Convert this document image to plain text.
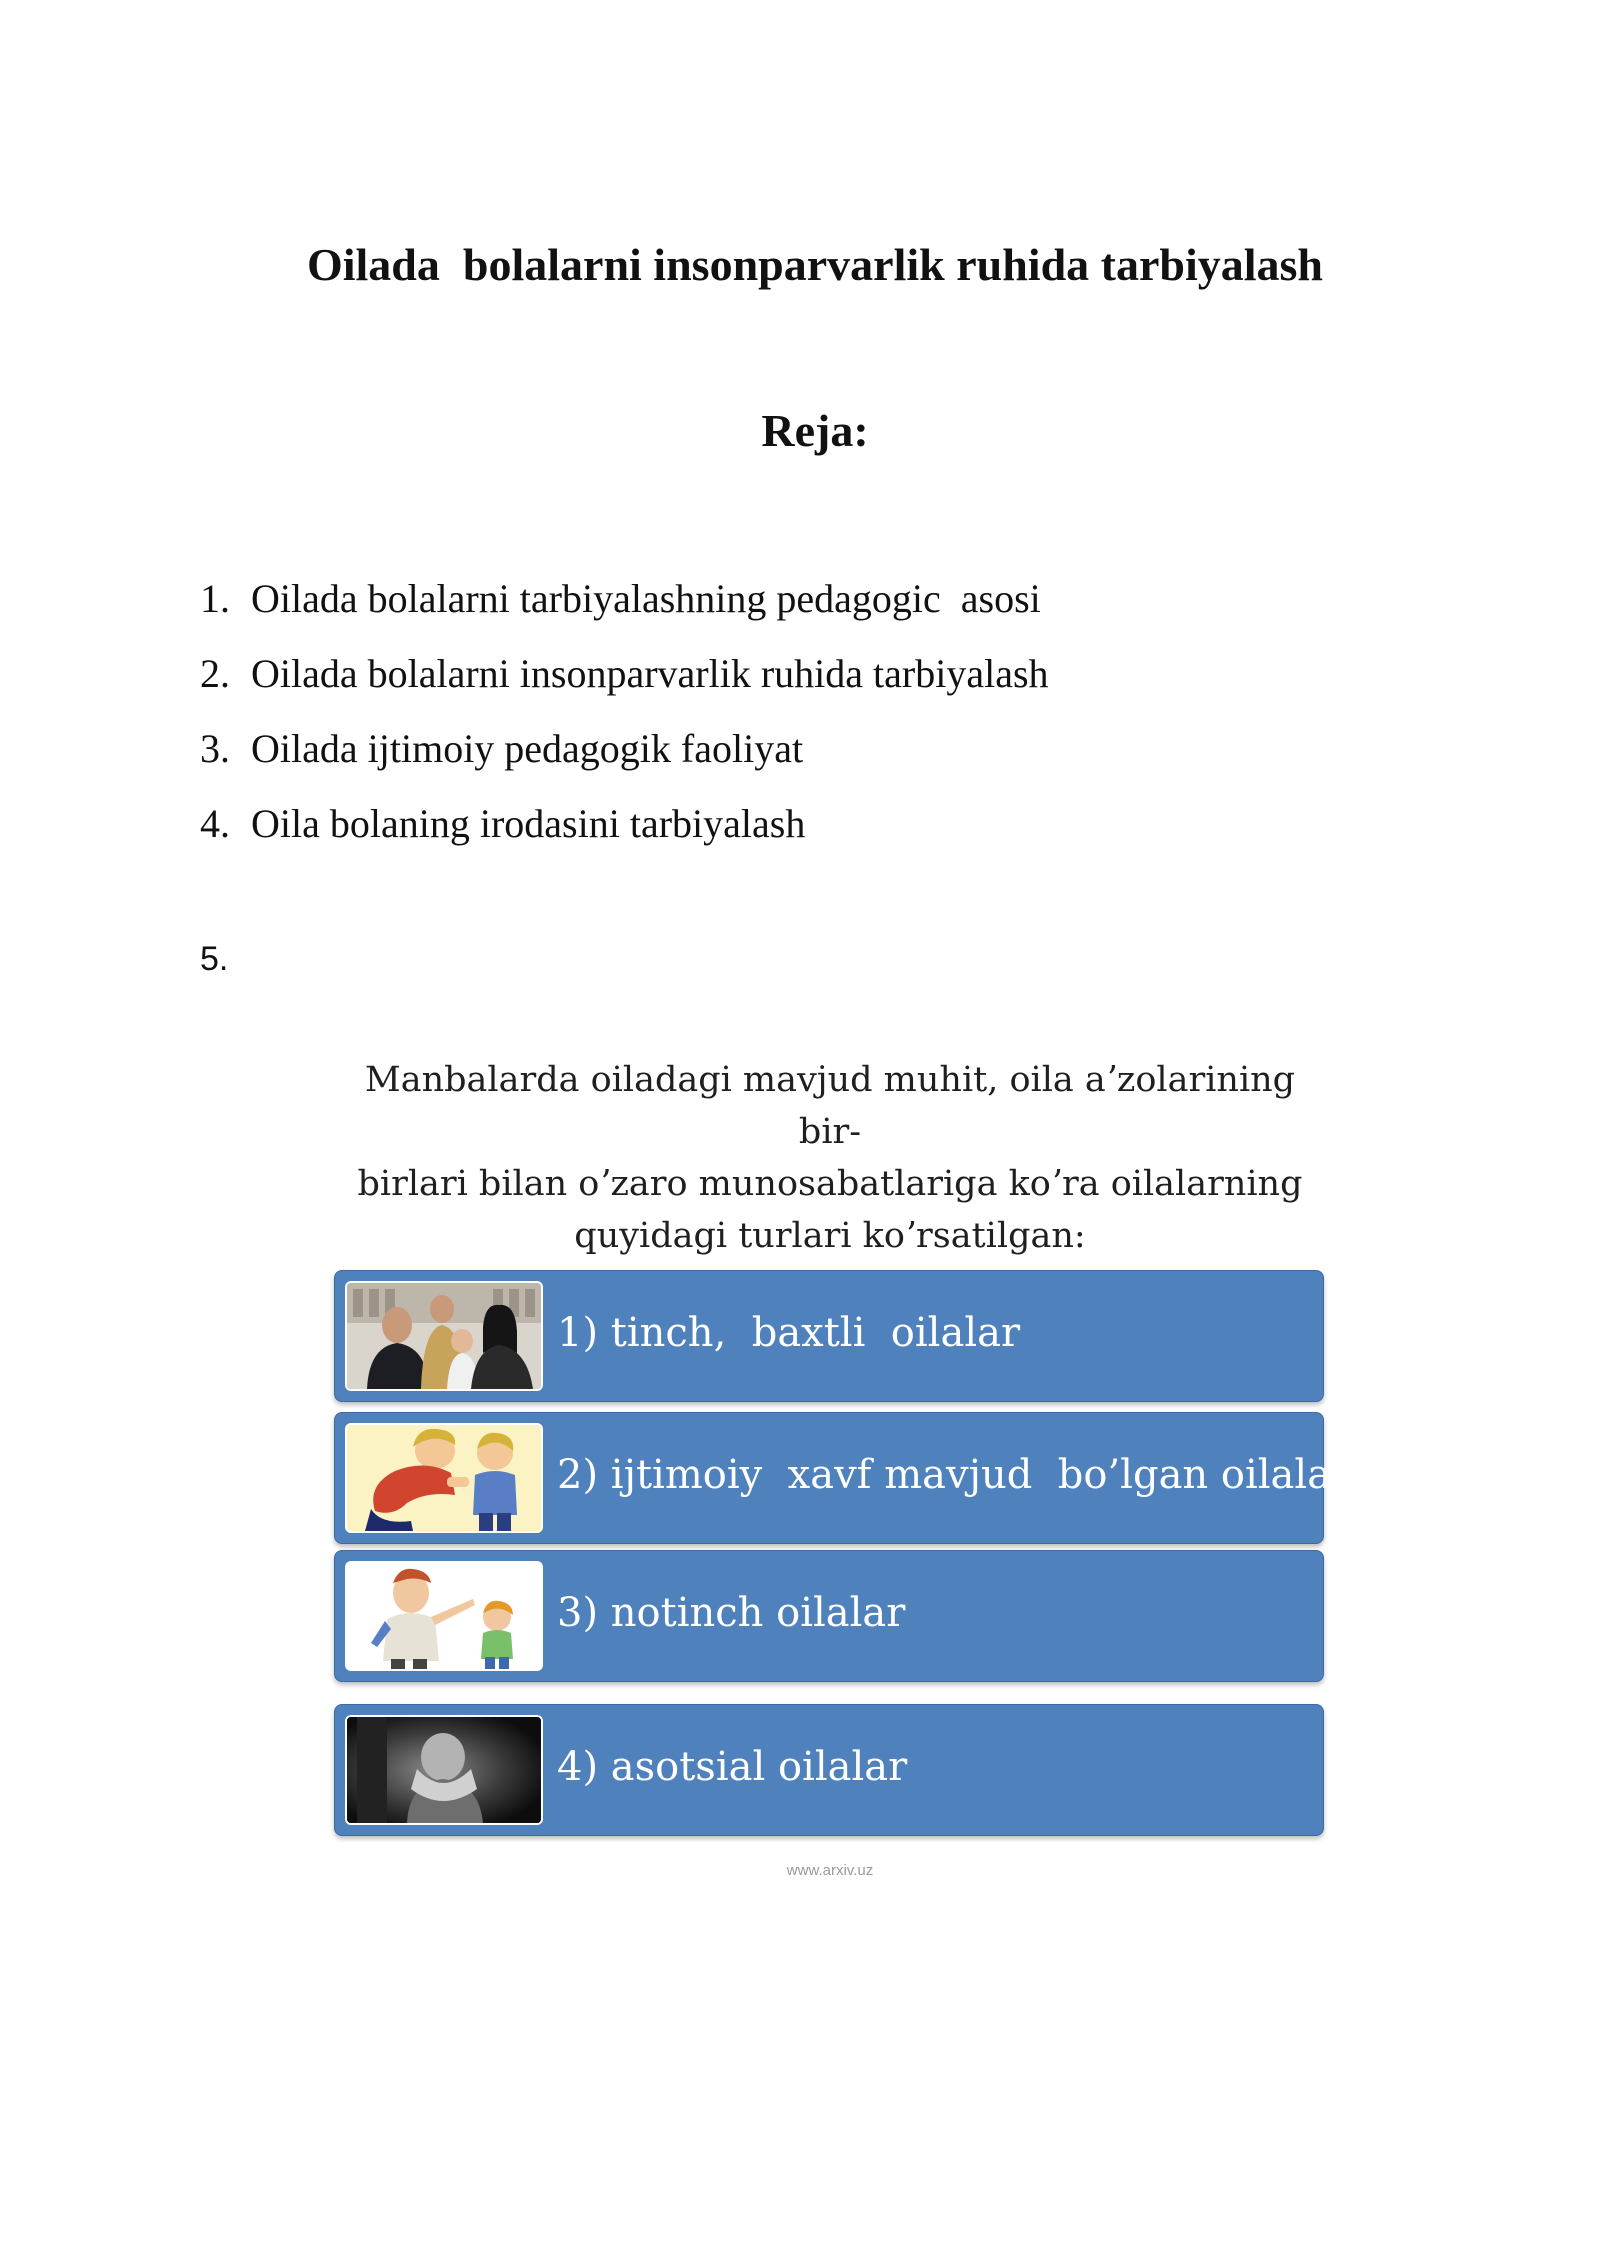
Oilada  bolalarni insonparvarlik ruhida tarbiyalash
Reja:
1. Oilada bolalarni tarbiyalashning pedagogic  asosi
2. Oilada bolalarni insonparvarlik ruhida tarbiyalash
3. Oilada ijtimoiy pedagogik faoliyat
4. Oila bolaning irodasini tarbiyalash
5.
Manbalarda oiladagi mavjud muhit, oila aʼzolarining bir-
birlari bilan oʼzaro munosabatlariga koʼra oilalarning
quyidagi turlari koʼrsatilgan:
1) tinch,  baxtli  oilalar
2) ijtimoiy  xavf mavjud  bo’lgan oilalar
3) notinch oilalar
4) asotsial oilalar
www.arxiv.uz
